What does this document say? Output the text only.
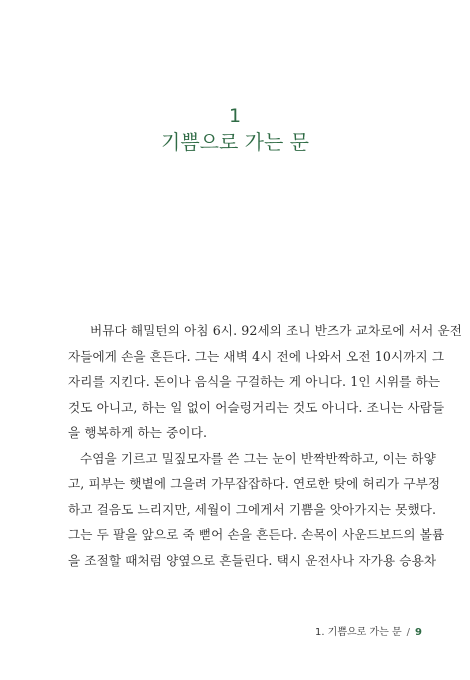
1
기쁨으로 가는 문

버뮤다 해밀턴의 아침 6시. 92세의 조니 반즈가 교차로에 서서 운전
자들에게 손을 흔든다. 그는 새벽 4시 전에 나와서 오전 10시까지 그
자리를 지킨다. 돈이나 음식을 구걸하는 게 아니다. 1인 시위를 하는
것도 아니고, 하는 일 없이 어슬렁거리는 것도 아니다. 조니는 사람들
을 행복하게 하는 중이다.

수염을 기르고 밀짚모자를 쓴 그는 눈이 반짝반짝하고, 이는 하얗
고, 피부는 햇볕에 그을려 가무잡잡하다. 연로한 탓에 허리가 구부정
하고 걸음도 느리지만, 세월이 그에게서 기쁨을 앗아가지는 못했다.
그는 두 팔을 앞으로 죽 뻗어 손을 흔든다. 손목이 사운드보드의 볼륨
을 조절할 때처럼 양옆으로 흔들린다. 택시 운전사나 자가용 승용차

1. 기쁨으로 가는 문 / 9
